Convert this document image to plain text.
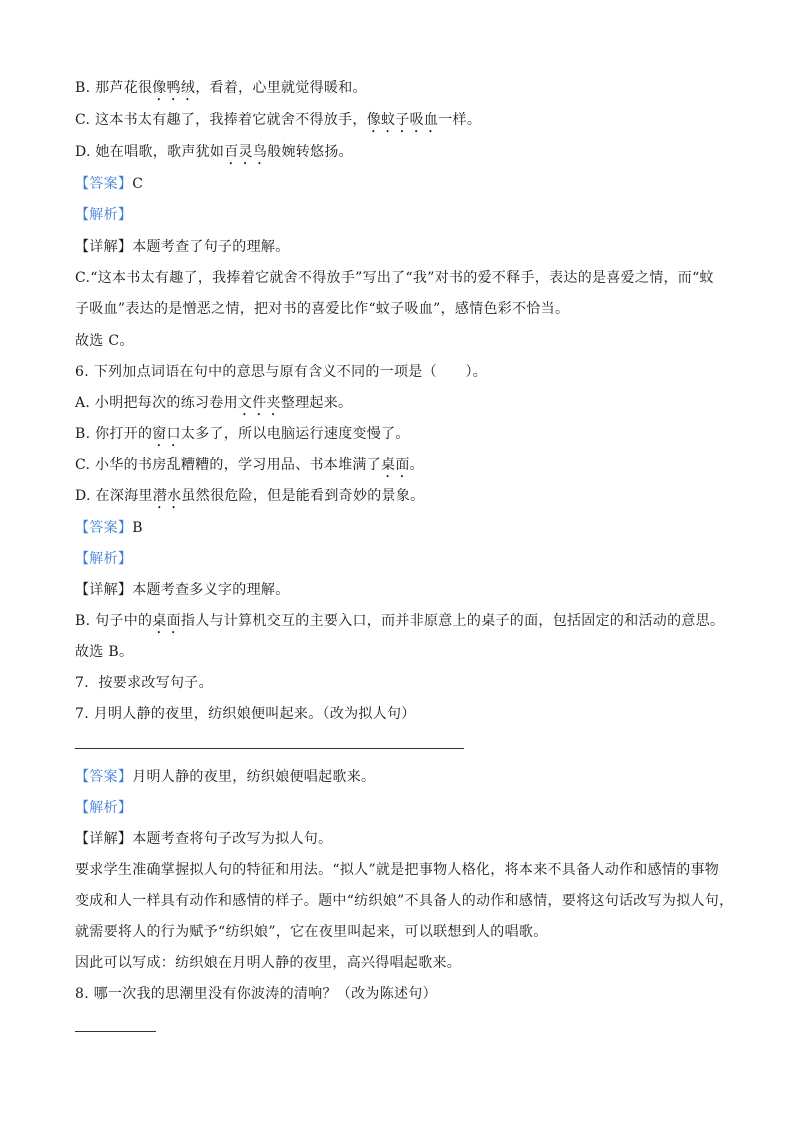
B. 那芦花很像鸭绒，看着，心里就觉得暖和。

C. 这本书太有趣了，我捧着它就舍不得放手，像蚊子吸血一样。

D. 她在唱歌，歌声犹如百灵鸟般婉转悠扬。

【答案】C

【解析】

【详解】本题考查了句子的理解。

C.“这本书太有趣了，我捧着它就舍不得放手”写出了“我”对书的爱不释手，表达的是喜爱之情，而“蚊

子吸血”表达的是憎恶之情，把对书的喜爱比作“蚊子吸血”，感情色彩不恰当。

故选 C。

6. 下列加点词语在句中的意思与原有含义不同的一项是（　　）。

A. 小明把每次的练习卷用文件夹整理起来。

B. 你打开的窗口太多了，所以电脑运行速度变慢了。

C. 小华的书房乱糟糟的，学习用品、书本堆满了桌面。

D. 在深海里潜水虽然很危险，但是能看到奇妙的景象。

【答案】B

【解析】

【详解】本题考查多义字的理解。

B. 句子中的桌面指人与计算机交互的主要入口，而并非原意上的桌子的面，包括固定的和活动的意思。

故选 B。

7．按要求改写句子。

7. 月明人静的夜里，纺织娘便叫起来。（改为拟人句）

【答案】月明人静的夜里，纺织娘便唱起歌来。

【解析】

【详解】本题考查将句子改写为拟人句。

要求学生准确掌握拟人句的特征和用法。“拟人”就是把事物人格化，将本来不具备人动作和感情的事物

变成和人一样具有动作和感情的样子。题中“纺织娘”不具备人的动作和感情，要将这句话改写为拟人句，

就需要将人的行为赋予“纺织娘”，它在夜里叫起来，可以联想到人的唱歌。

因此可以写成：纺织娘在月明人静的夜里，高兴得唱起歌来。

8. 哪一次我的思潮里没有你波涛的清响？（改为陈述句）
